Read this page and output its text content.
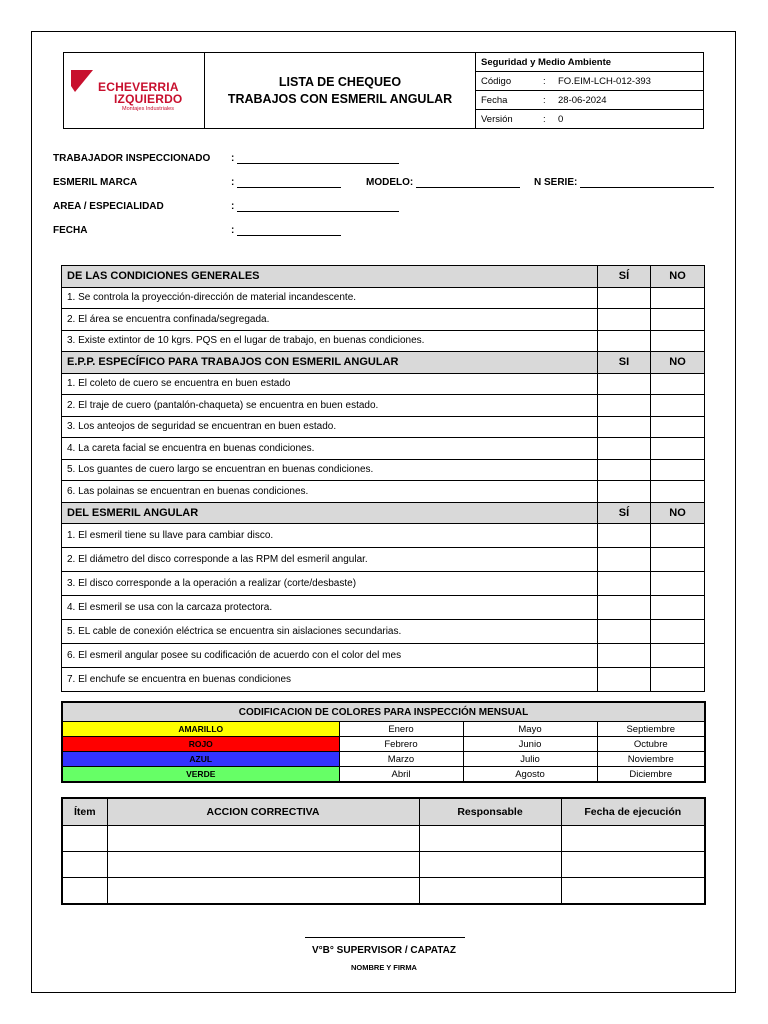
ECHEVERRIA
IZQUIERDO
Montajes Industriales
LISTA DE CHEQUEO
TRABAJOS CON ESMERIL ANGULAR
Seguridad y Medio Ambiente
Código	:	FO.EIM-LCH-012-393
Fecha	:	28-06-2024
Versión	:	0
TRABAJADOR INSPECCIONADO :
ESMERIL MARCA	:	MODELO:	N SERIE:
AREA / ESPECIALIDAD	:
FECHA	:
DE LAS CONDICIONES GENERALES	SÍ	NO
1. Se controla la proyección-dirección de material incandescente.		
2. El área se encuentra confinada/segregada.		
3. Existe extintor de 10 kgrs. PQS en el lugar de trabajo, en buenas condiciones.		
E.P.P. ESPECÍFICO PARA TRABAJOS CON ESMERIL ANGULAR	SI	NO
1. El coleto de cuero se encuentra en buen estado		
2. El traje de cuero (pantalón-chaqueta) se encuentra en buen estado.		
3. Los anteojos de seguridad se encuentran en buen estado.		
4. La careta facial se encuentra en buenas condiciones.		
5. Los guantes de cuero largo se encuentran en buenas condiciones.		
6. Las polainas se encuentran en buenas condiciones.		
DEL ESMERIL ANGULAR	SÍ	NO
1. El esmeril tiene su llave para cambiar disco.		
2. El diámetro del disco corresponde a las RPM del esmeril angular.		
3. El disco corresponde a la operación a realizar (corte/desbaste)		
4. El esmeril se usa con la carcaza protectora.		
5. EL cable de conexión eléctrica se encuentra sin aislaciones secundarias.		
6. El esmeril angular posee su codificación de acuerdo con el color del mes		
7. El enchufe se encuentra en buenas condiciones		
CODIFICACION DE COLORES PARA INSPECCIÓN MENSUAL			
AMARILLO	Enero	Mayo	Septiembre
ROJO	Febrero	Junio	Octubre
AZUL	Marzo	Julio	Noviembre
VERDE	Abril	Agosto	Diciembre
Ítem	ACCION CORRECTIVA	Responsable	Fecha de ejecución

V°B° SUPERVISOR / CAPATAZ
NOMBRE Y FIRMA
